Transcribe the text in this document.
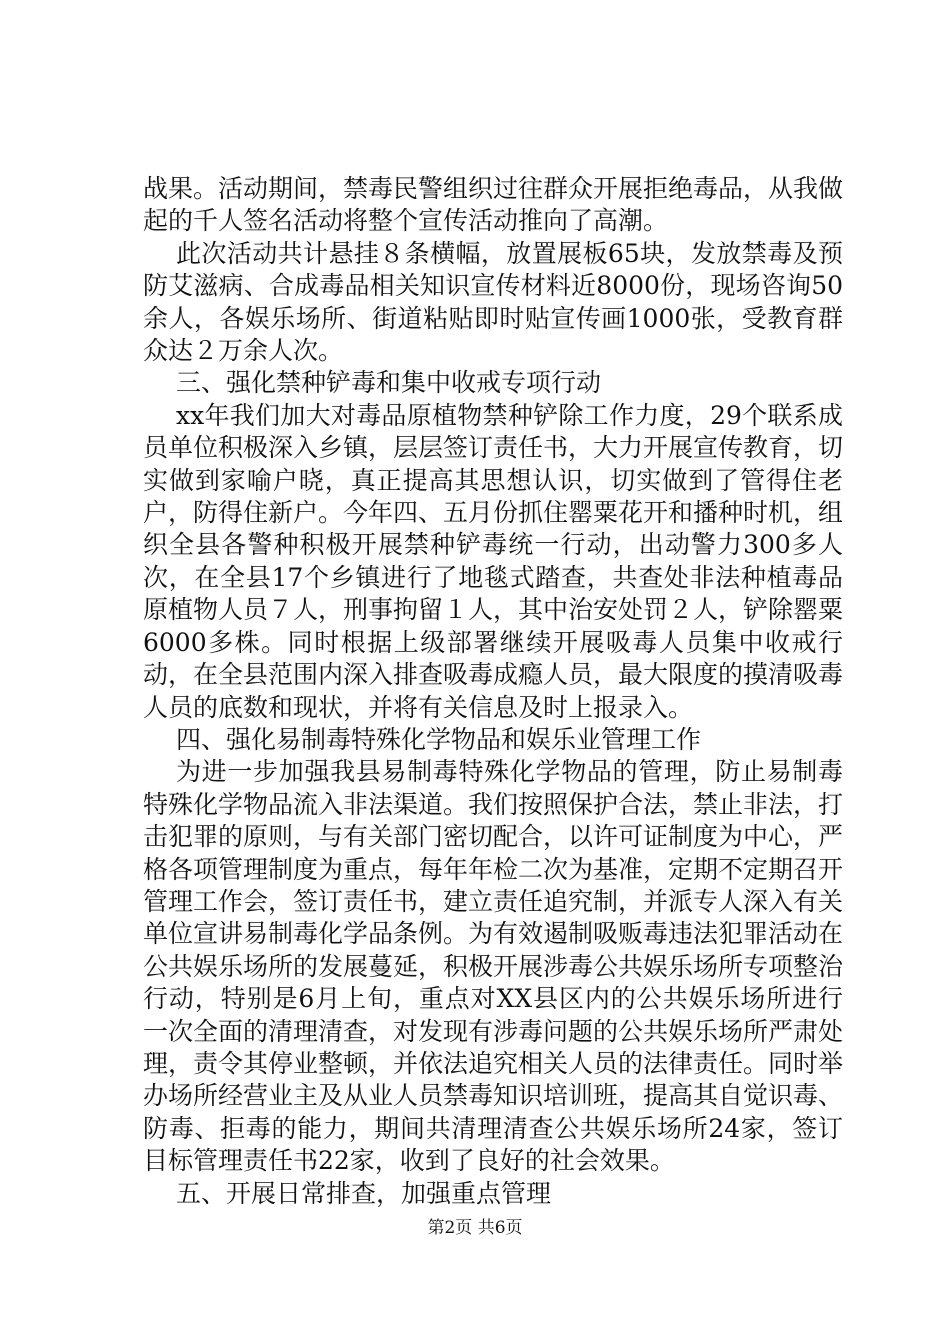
战果。活动期间，禁毒民警组织过往群众开展拒绝毒品，从我做起的千人签名活动将整个宣传活动推向了高潮。

此次活动共计悬挂８条横幅，放置展板65块，发放禁毒及预防艾滋病、合成毒品相关知识宣传材料近8000份，现场咨询50余人，各娱乐场所、街道粘贴即时贴宣传画1000张，受教育群众达２万余人次。

三、强化禁种铲毒和集中收戒专项行动

xx年我们加大对毒品原植物禁种铲除工作力度，29个联系成员单位积极深入乡镇，层层签订责任书，大力开展宣传教育，切实做到家喻户晓，真正提高其思想认识，切实做到了管得住老户，防得住新户。今年四、五月份抓住罂粟花开和播种时机，组织全县各警种积极开展禁种铲毒统一行动，出动警力300多人次，在全县17个乡镇进行了地毯式踏查，共查处非法种植毒品原植物人员７人，刑事拘留１人，其中治安处罚２人，铲除罂粟6000多株。同时根据上级部署继续开展吸毒人员集中收戒行动，在全县范围内深入排查吸毒成瘾人员，最大限度的摸清吸毒人员的底数和现状，并将有关信息及时上报录入。

四、强化易制毒特殊化学物品和娱乐业管理工作

为进一步加强我县易制毒特殊化学物品的管理，防止易制毒特殊化学物品流入非法渠道。我们按照保护合法，禁止非法，打击犯罪的原则，与有关部门密切配合，以许可证制度为中心，严格各项管理制度为重点，每年年检二次为基准，定期不定期召开管理工作会，签订责任书，建立责任追究制，并派专人深入有关单位宣讲易制毒化学品条例。为有效遏制吸贩毒违法犯罪活动在公共娱乐场所的发展蔓延，积极开展涉毒公共娱乐场所专项整治行动，特别是6月上旬，重点对XX县区内的公共娱乐场所进行一次全面的清理清查，对发现有涉毒问题的公共娱乐场所严肃处理，责令其停业整顿，并依法追究相关人员的法律责任。同时举办场所经营业主及从业人员禁毒知识培训班，提高其自觉识毒、防毒、拒毒的能力，期间共清理清查公共娱乐场所24家，签订目标管理责任书22家，收到了良好的社会效果。

五、开展日常排查，加强重点管理

第2页 共6页
